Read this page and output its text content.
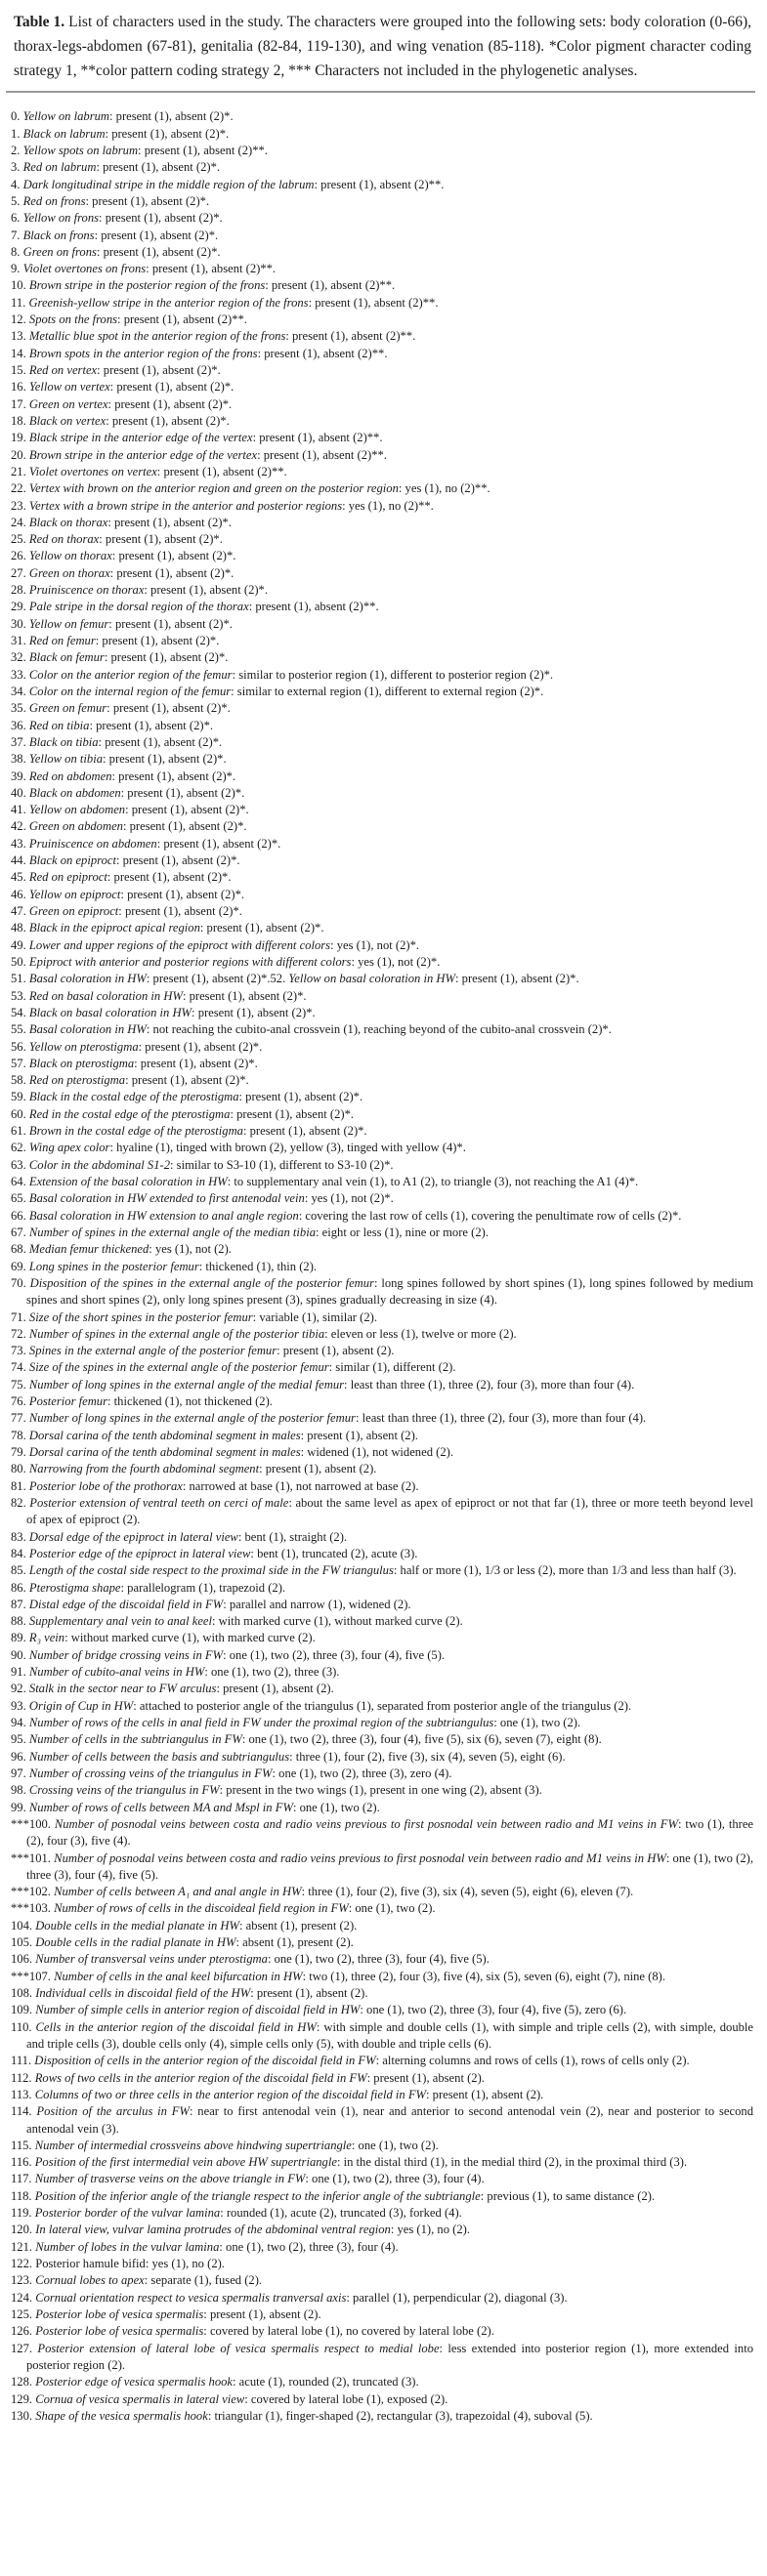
Table 1. List of characters used in the study. The characters were grouped into the following sets: body coloration (0-66), thorax-legs-abdomen (67-81), genitalia (82-84, 119-130), and wing venation (85-118). *Color pigment character coding strategy 1, **color pattern coding strategy 2, *** Characters not included in the phylogenetic analyses.

0. Yellow on labrum: present (1), absent (2)*.
1. Black on labrum: present (1), absent (2)*.
2. Yellow spots on labrum: present (1), absent (2)**.
3. Red on labrum: present (1), absent (2)*.
4. Dark longitudinal stripe in the middle region of the labrum: present (1), absent (2)**.
5. Red on frons: present (1), absent (2)*.
6. Yellow on frons: present (1), absent (2)*.
7. Black on frons: present (1), absent (2)*.
8. Green on frons: present (1), absent (2)*.
9. Violet overtones on frons: present (1), absent (2)**.
10. Brown stripe in the posterior region of the frons: present (1), absent (2)**.
11. Greenish-yellow stripe in the anterior region of the frons: present (1), absent (2)**.
12. Spots on the frons: present (1), absent (2)**.
13. Metallic blue spot in the anterior region of the frons: present (1), absent (2)**.
14. Brown spots in the anterior region of the frons: present (1), absent (2)**.
15. Red on vertex: present (1), absent (2)*.
16. Yellow on vertex: present (1), absent (2)*.
17. Green on vertex: present (1), absent (2)*.
18. Black on vertex: present (1), absent (2)*.
19. Black stripe in the anterior edge of the vertex: present (1), absent (2)**.
20. Brown stripe in the anterior edge of the vertex: present (1), absent (2)**.
21. Violet overtones on vertex: present (1), absent (2)**.
22. Vertex with brown on the anterior region and green on the posterior region: yes (1), no (2)**.
23. Vertex with a brown stripe in the anterior and posterior regions: yes (1), no (2)**.
24. Black on thorax: present (1), absent (2)*.
25. Red on thorax: present (1), absent (2)*.
26. Yellow on thorax: present (1), absent (2)*.
27. Green on thorax: present (1), absent (2)*.
28. Pruiniscence on thorax: present (1), absent (2)*.
29. Pale stripe in the dorsal region of the thorax: present (1), absent (2)**.
30. Yellow on femur: present (1), absent (2)*.
31. Red on femur: present (1), absent (2)*.
32. Black on femur: present (1), absent (2)*.
33. Color on the anterior region of the femur: similar to posterior region (1), different to posterior region (2)*.
34. Color on the internal region of the femur: similar to external region (1), different to external region (2)*.
35. Green on femur: present (1), absent (2)*.
36. Red on tibia: present (1), absent (2)*.
37. Black on tibia: present (1), absent (2)*.
38. Yellow on tibia: present (1), absent (2)*.
39. Red on abdomen: present (1), absent (2)*.
40. Black on abdomen: present (1), absent (2)*.
41. Yellow on abdomen: present (1), absent (2)*.
42. Green on abdomen: present (1), absent (2)*.
43. Pruiniscence on abdomen: present (1), absent (2)*.
44. Black on epiproct: present (1), absent (2)*.
45. Red on epiproct: present (1), absent (2)*.
46. Yellow on epiproct: present (1), absent (2)*.
47. Green on epiproct: present (1), absent (2)*.
48. Black in the epiproct apical region: present (1), absent (2)*.
49. Lower and upper regions of the epiproct with different colors: yes (1), not (2)*.
50. Epiproct with anterior and posterior regions with different colors: yes (1), not (2)*.
51. Basal coloration in HW: present (1), absent (2)*.52. Yellow on basal coloration in HW: present (1), absent (2)*.
53. Red on basal coloration in HW: present (1), absent (2)*.
54. Black on basal coloration in HW: present (1), absent (2)*.
55. Basal coloration in HW: not reaching the cubito-anal crossvein (1), reaching beyond of the cubito-anal crossvein (2)*.
56. Yellow on pterostigma: present (1), absent (2)*.
57. Black on pterostigma: present (1), absent (2)*.
58. Red on pterostigma: present (1), absent (2)*.
59. Black in the costal edge of the pterostigma: present (1), absent (2)*.
60. Red in the costal edge of the pterostigma: present (1), absent (2)*.
61. Brown in the costal edge of the pterostigma: present (1), absent (2)*.
62. Wing apex color: hyaline (1), tinged with brown (2), yellow (3), tinged with yellow (4)*.
63. Color in the abdominal S1-2: similar to S3-10 (1), different to S3-10 (2)*.
64. Extension of the basal coloration in HW: to supplementary anal vein (1), to A1 (2), to triangle (3), not reaching the A1 (4)*.
65. Basal coloration in HW extended to first antenodal vein: yes (1), not (2)*.
66. Basal coloration in HW extension to anal angle region: covering the last row of cells (1), covering the penultimate row of cells (2)*.
67. Number of spines in the external angle of the median tibia: eight or less (1), nine or more (2).
68. Median femur thickened: yes (1), not (2).
69. Long spines in the posterior femur: thickened (1), thin (2).
70. Disposition of the spines in the external angle of the posterior femur: long spines followed by short spines (1), long spines followed by medium spines and short spines (2), only long spines present (3), spines gradually decreasing in size (4).
71. Size of the short spines in the posterior femur: variable (1), similar (2).
72. Number of spines in the external angle of the posterior tibia: eleven or less (1), twelve or more (2).
73. Spines in the external angle of the posterior femur: present (1), absent (2).
74. Size of the spines in the external angle of the posterior femur: similar (1), different (2).
75. Number of long spines in the external angle of the medial femur: least than three (1), three (2), four (3), more than four (4).
76. Posterior femur: thickened (1), not thickened (2).
77. Number of long spines in the external angle of the posterior femur: least than three (1), three (2), four (3), more than four (4).
78. Dorsal carina of the tenth abdominal segment in males: present (1), absent (2).
79. Dorsal carina of the tenth abdominal segment in males: widened (1), not widened (2).
80. Narrowing from the fourth abdominal segment: present (1), absent (2).
81. Posterior lobe of the prothorax: narrowed at base (1), not narrowed at base (2).
82. Posterior extension of ventral teeth on cerci of male: about the same level as apex of epiproct or not that far (1), three or more teeth beyond level of apex of epiproct (2).
83. Dorsal edge of the epiproct in lateral view: bent (1), straight (2).
84. Posterior edge of the epiproct in lateral view: bent (1), truncated (2), acute (3).
85. Length of the costal side respect to the proximal side in the FW triangulus: half or more (1), 1/3 or less (2), more than 1/3 and less than half (3).
86. Pterostigma shape: parallelogram (1), trapezoid (2).
87. Distal edge of the discoidal field in FW: parallel and narrow (1), widened (2).
88. Supplementary anal vein to anal keel: with marked curve (1), without marked curve (2).
89. R₃ vein: without marked curve (1), with marked curve (2).
90. Number of bridge crossing veins in FW: one (1), two (2), three (3), four (4), five (5).
91. Number of cubito-anal veins in HW: one (1), two (2), three (3).
92. Stalk in the sector near to FW arculus: present (1), absent (2).
93. Origin of Cup in HW: attached to posterior angle of the triangulus (1), separated from posterior angle of the triangulus (2).
94. Number of rows of the cells in anal field in FW under the proximal region of the subtriangulus: one (1), two (2).
95. Number of cells in the subtriangulus in FW: one (1), two (2), three (3), four (4), five (5), six (6), seven (7), eight (8).
96. Number of cells between the basis and subtriangulus: three (1), four (2), five (3), six (4), seven (5), eight (6).
97. Number of crossing veins of the triangulus in FW: one (1), two (2), three (3), zero (4).
98. Crossing veins of the triangulus in FW: present in the two wings (1), present in one wing (2), absent (3).
99. Number of rows of cells between MA and Mspl in FW: one (1), two (2).
***100. Number of posnodal veins between costa and radio veins previous to first posnodal vein between radio and M1 veins in FW: two (1), three (2), four (3), five (4).
***101. Number of posnodal veins between costa and radio veins previous to first posnodal vein between radio and M1 veins in HW: one (1), two (2), three (3), four (4), five (5).
***102. Number of cells between A₁ and anal angle in HW: three (1), four (2), five (3), six (4), seven (5), eight (6), eleven (7).
***103. Number of rows of cells in the discoideal field region in FW: one (1), two (2).
104. Double cells in the medial planate in HW: absent (1), present (2).
105. Double cells in the radial planate in HW: absent (1), present (2).
106. Number of transversal veins under pterostigma: one (1), two (2), three (3), four (4), five (5).
***107. Number of cells in the anal keel bifurcation in HW: two (1), three (2), four (3), five (4), six (5), seven (6), eight (7), nine (8).
108. Individual cells in discoidal field of the HW: present (1), absent (2).
109. Number of simple cells in anterior region of discoidal field in HW: one (1), two (2), three (3), four (4), five (5), zero (6).
110. Cells in the anterior region of the discoidal field in HW: with simple and double cells (1), with simple and triple cells (2), with simple, double and triple cells (3), double cells only (4), simple cells only (5), with double and triple cells (6).
111. Disposition of cells in the anterior region of the discoidal field in FW: alterning columns and rows of cells (1), rows of cells only (2).
112. Rows of two cells in the anterior region of the discoidal field in FW: present (1), absent (2).
113. Columns of two or three cells in the anterior region of the discoidal field in FW: present (1), absent (2).
114. Position of the arculus in FW: near to first antenodal vein (1), near and anterior to second antenodal vein (2), near and posterior to second antenodal vein (3).
115. Number of intermedial crossveins above hindwing supertriangle: one (1), two (2).
116. Position of the first intermedial vein above HW supertriangle: in the distal third (1), in the medial third (2), in the proximal third (3).
117. Number of trasverse veins on the above triangle in FW: one (1), two (2), three (3), four (4).
118. Position of the inferior angle of the triangle respect to the inferior angle of the subtriangle: previous (1), to same distance (2).
119. Posterior border of the vulvar lamina: rounded (1), acute (2), truncated (3), forked (4).
120. In lateral view, vulvar lamina protrudes of the abdominal ventral region: yes (1), no (2).
121. Number of lobes in the vulvar lamina: one (1), two (2), three (3), four (4).
122. Posterior hamule bifid: yes (1), no (2).
123. Cornual lobes to apex: separate (1), fused (2).
124. Cornual orientation respect to vesica spermalis tranversal axis: parallel (1), perpendicular (2), diagonal (3).
125. Posterior lobe of vesica spermalis: present (1), absent (2).
126. Posterior lobe of vesica spermalis: covered by lateral lobe (1), no covered by lateral lobe (2).
127. Posterior extension of lateral lobe of vesica spermalis respect to medial lobe: less extended into posterior region (1), more extended into posterior region (2).
128. Posterior edge of vesica spermalis hook: acute (1), rounded (2), truncated (3).
129. Cornua of vesica spermalis in lateral view: covered by lateral lobe (1), exposed (2).
130. Shape of the vesica spermalis hook: triangular (1), finger-shaped (2), rectangular (3), trapezoidal (4), suboval (5).
